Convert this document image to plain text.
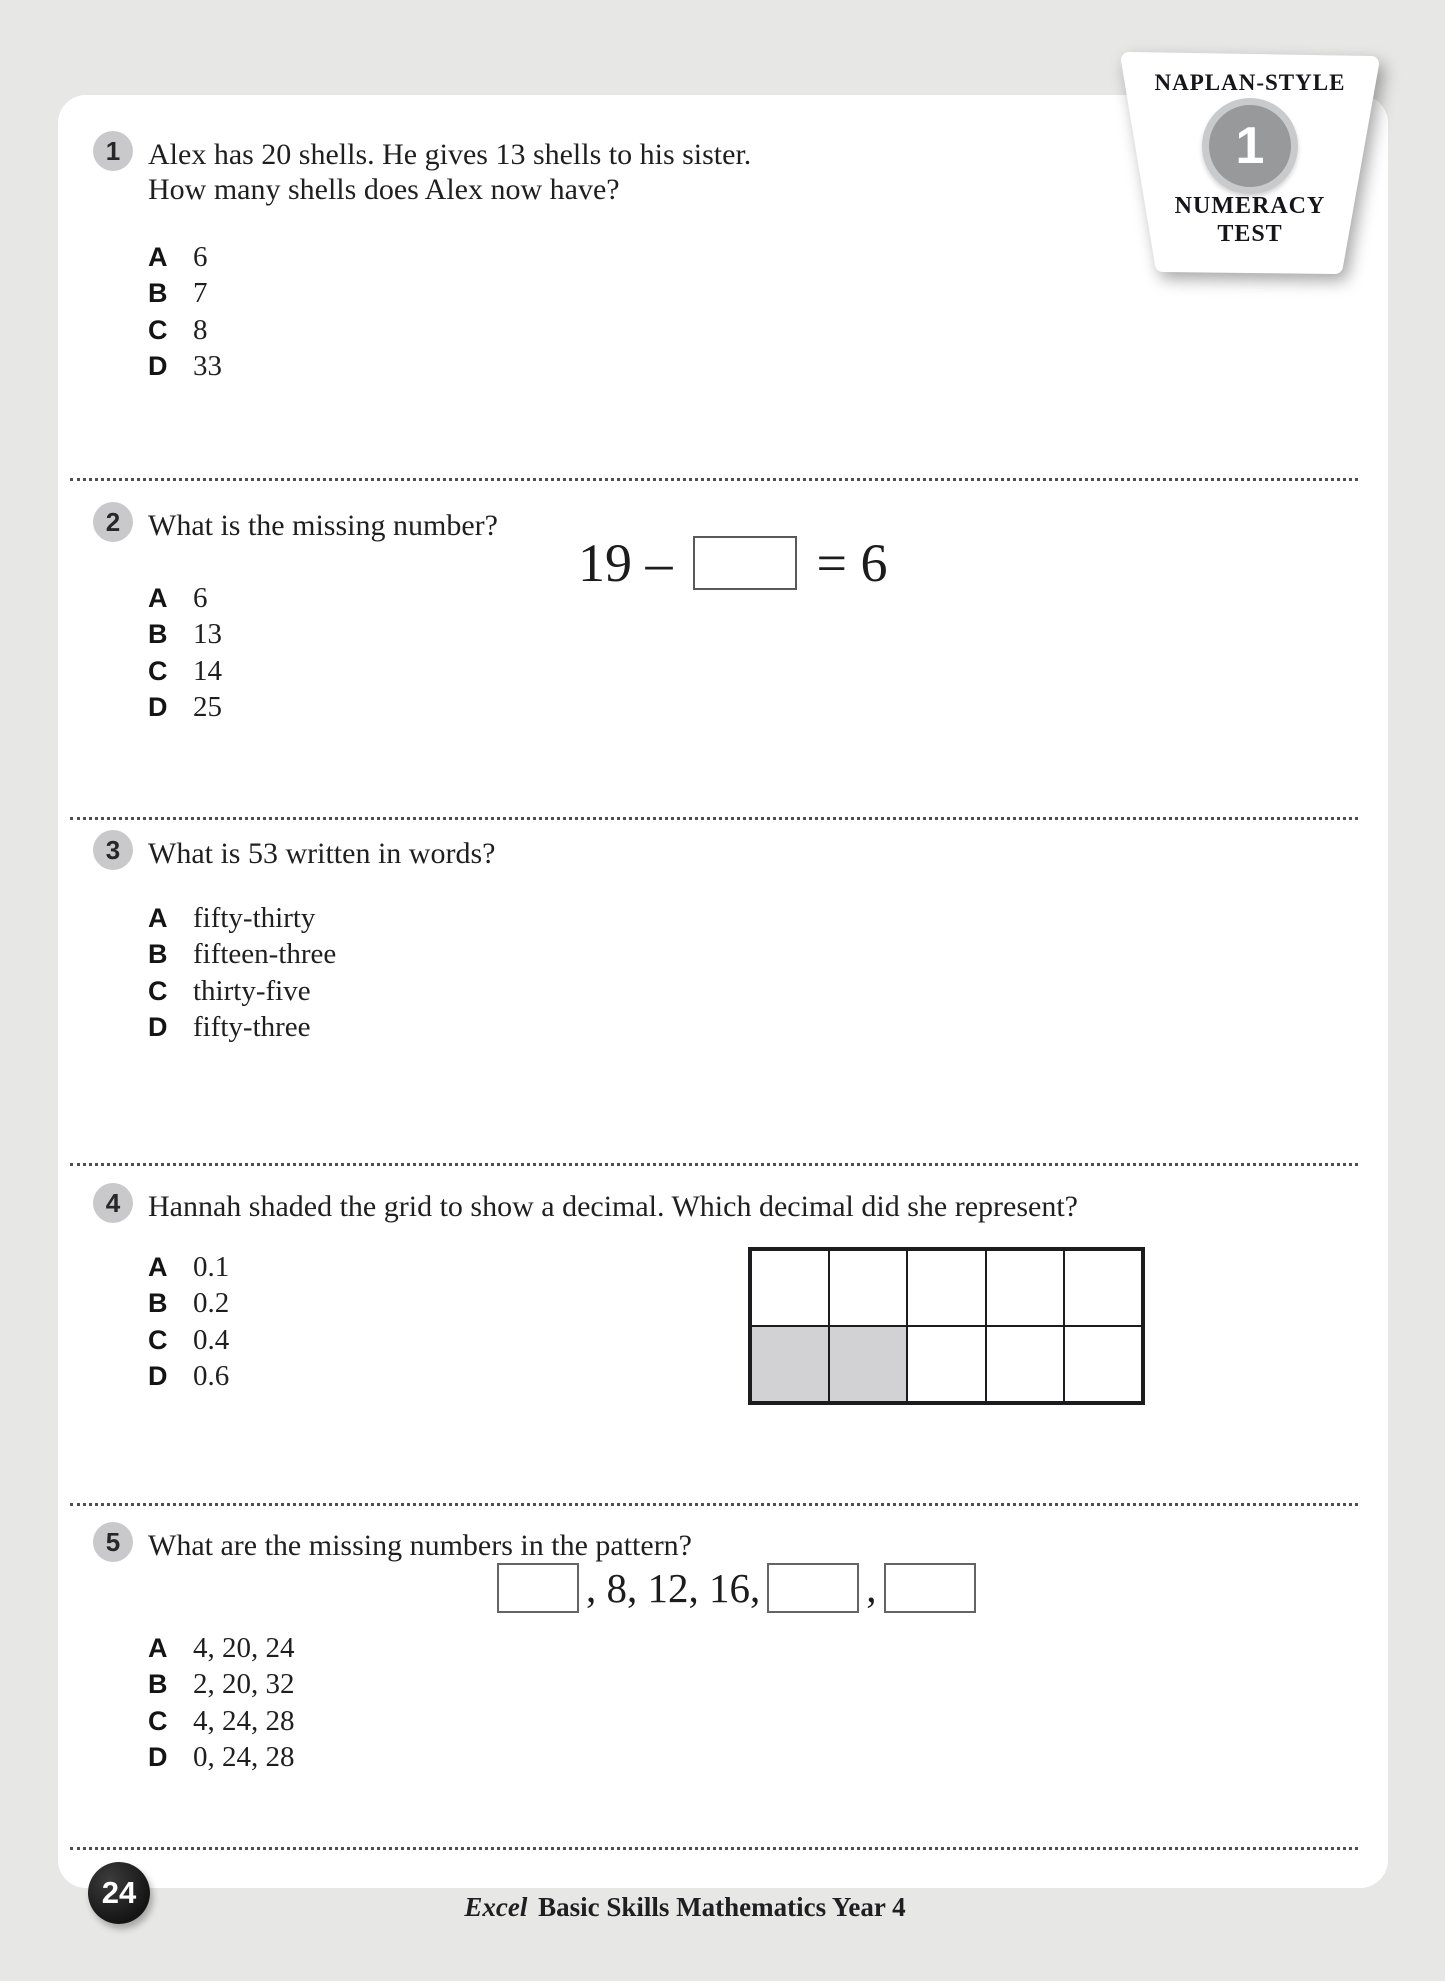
1 Alex has 20 shells. He gives 13 shells to his sister.
How many shells does Alex now have?
A 6
B 7
C 8
D 33
2 What is the missing number?
19 –	= 6
A 6
B 13
C 14
D 25
3 What is 53 written in words?
A fifty-thirty
B fifteen-three
C thirty-five
D fifty-three
4 Hannah shaded the grid to show a decimal. Which decimal did she represent?
A 0.1
B 0.2
C 0.4
D 0.6
5 What are the missing numbers in the pattern?
, 8, 12, 16,	,
A 4, 20, 24
B 2, 20, 32
C 4, 24, 28
D 0, 24, 28
NAPLAN-STYLE
1
NUMERACY
TEST
24	Excel Basic Skills Mathematics Year 4
